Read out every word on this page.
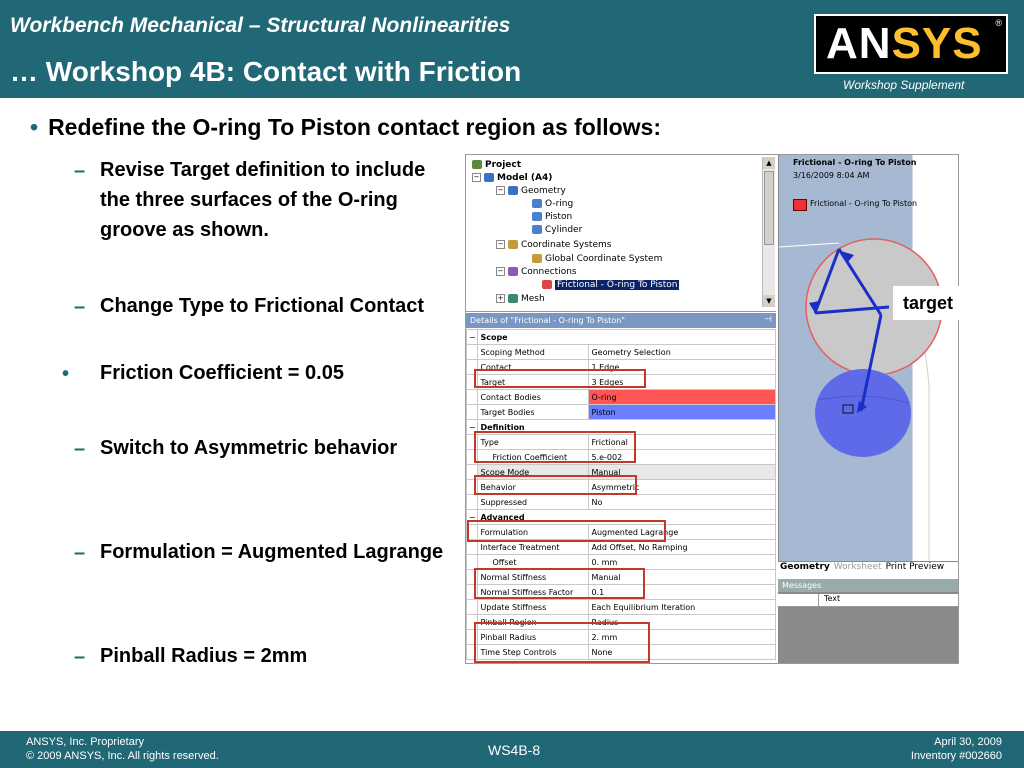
Workbench Mechanical – Structural Nonlinearities
… Workshop 4B: Contact with Friction
ANSYS ®
Workshop Supplement
• Redefine the O-ring To Piston contact region as follows:
– Revise Target definition to include the three surfaces of the O-ring groove as shown.
– Change Type to Frictional Contact
• Friction Coefficient = 0.05
– Switch to Asymmetric behavior
– Formulation = Augmented Lagrange
– Pinball Radius = 2mm
Project
− Model (A4)
− Geometry
O-ring
Piston
Cylinder
− Coordinate Systems
Global Coordinate System
− Connections
Frictional - O-ring To Piston
+ Mesh
▲
▼
Details of "Frictional - O-ring To Piston"	⊣
−	Scope	
	Scoping Method	Geometry Selection
	Contact	1 Edge
	Target	3 Edges
	Contact Bodies	O-ring
	Target Bodies	Piston
−	Definition	
	Type	Frictional
	Friction Coefficient	5.e-002
	Scope Mode	Manual
	Behavior	Asymmetric
	Suppressed	No
−	Advanced	
	Formulation	Augmented Lagrange
	Interface Treatment	Add Offset, No Ramping
	Offset	0. mm
	Normal Stiffness	Manual
	Normal Stiffness Factor	0.1
	Update Stiffness	Each Equilibrium Iteration
	Pinball Region	Radius
	Pinball Radius	2. mm
	Time Step Controls	None
Frictional - O-ring To Piston
3/16/2009 8:04 AM
Frictional - O-ring To Piston
Geometry Worksheet Print Preview
Messages
Text
target
ANSYS, Inc. Proprietary
© 2009 ANSYS, Inc. All rights reserved.	WS4B-8	April 30, 2009
Inventory #002660
